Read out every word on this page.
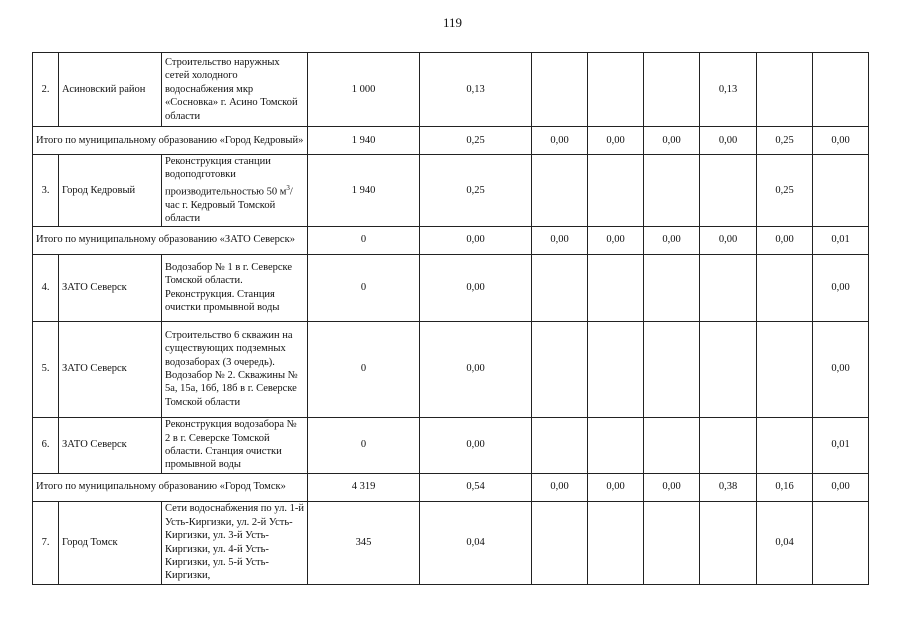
119
2.	Асиновский район	Строительство наружных сетей холодного водоснабжения мкр «Сосновка» г. Асино Томской области	1 000	0,13				0,13		
Итого по муниципальному образованию «Город Кедровый»			1 940	0,25	0,00	0,00	0,00	0,00	0,25	0,00
3.	Город Кедровый	Реконструкция станции водоподготовки производительностью 50 $м^3$/час г. Кедровый Томской области	1 940	0,25					0,25	
Итого по муниципальному образованию «ЗАТО Северск»			0	0,00	0,00	0,00	0,00	0,00	0,00	0,01
4.	ЗАТО Северск	Водозабор № 1 в г. Северске Томской области. Реконструкция. Станция очистки промывной воды	0	0,00						0,00
5.	ЗАТО Северск	Строительство 6 скважин на существующих подземных водозаборах (3 очередь). Водозабор № 2. Скважины № 5а, 15а, 16б, 18б в г. Северске Томской области	0	0,00						0,00
6.	ЗАТО Северск	Реконструкция водозабора № 2 в г. Северске Томской области. Станция очистки промывной воды	0	0,00						0,01
Итого по муниципальному образованию «Город Томск»			4 319	0,54	0,00	0,00	0,00	0,38	0,16	0,00
7.	Город Томск	Сети водоснабжения по ул. 1-й Усть-Киргизки, ул. 2-й Усть-Киргизки, ул. 3-й Усть-Киргизки, ул. 4-й Усть-Киргизки, ул. 5-й Усть-Киргизки,	345	0,04					0,04	
